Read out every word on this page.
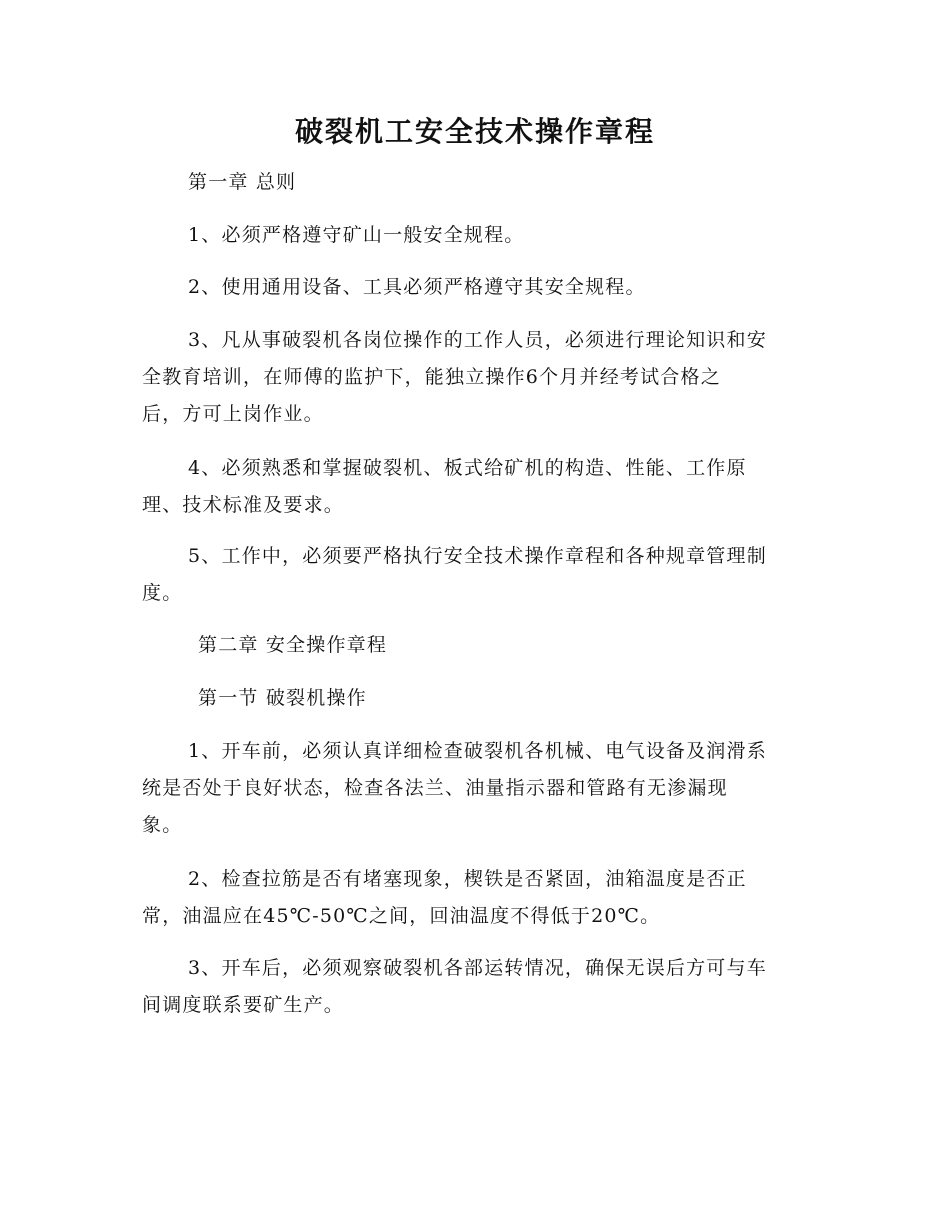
破裂机工安全技术操作章程
第一章 总则
1、必须严格遵守矿山一般安全规程。
2、使用通用设备、工具必须严格遵守其安全规程。
3、凡从事破裂机各岗位操作的工作人员，必须进行理论知识和安
全教育培训，在师傅的监护下，能独立操作6个月并经考试合格之
后，方可上岗作业。
4、必须熟悉和掌握破裂机、板式给矿机的构造、性能、工作原
理、技术标准及要求。
5、工作中，必须要严格执行安全技术操作章程和各种规章管理制
度。
第二章 安全操作章程
第一节 破裂机操作
1、开车前，必须认真详细检查破裂机各机械、电气设备及润滑系
统是否处于良好状态，检查各法兰、油量指示器和管路有无渗漏现
象。
2、检查拉筋是否有堵塞现象，楔铁是否紧固，油箱温度是否正
常，油温应在45℃-50℃之间，回油温度不得低于20℃。
3、开车后，必须观察破裂机各部运转情况，确保无误后方可与车
间调度联系要矿生产。
